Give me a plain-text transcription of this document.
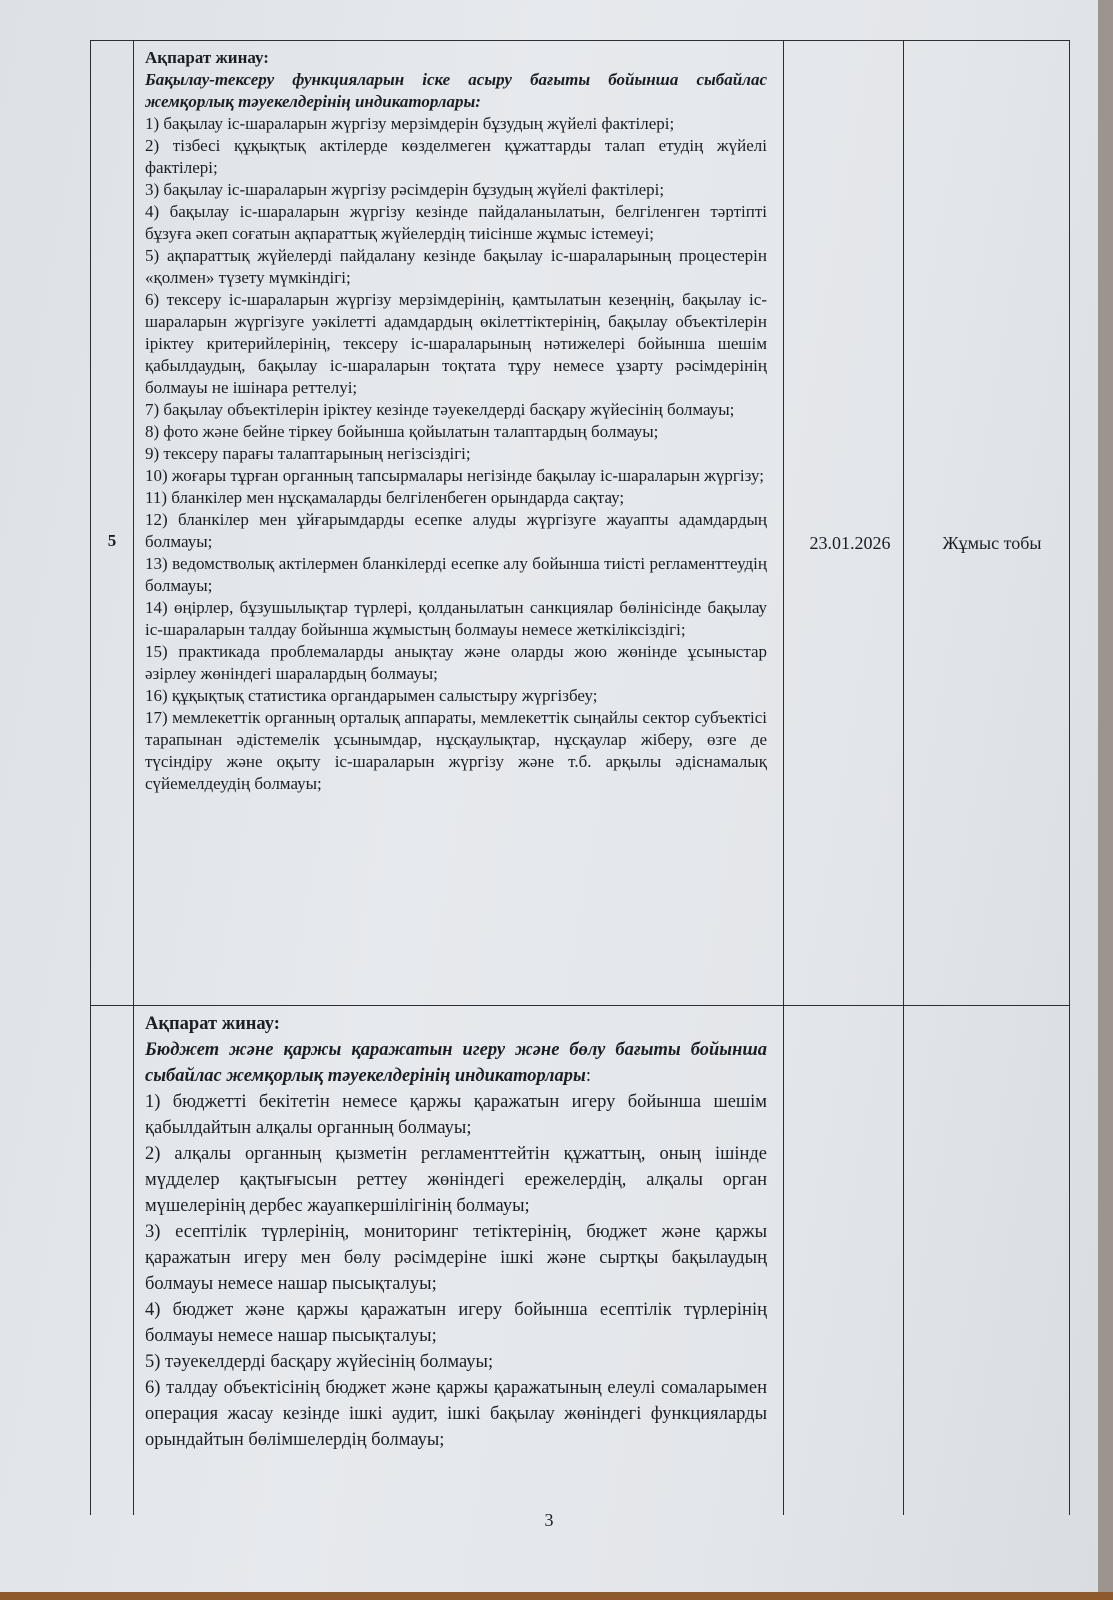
5
Ақпарат жинау:

Бақылау-тексеру функцияларын іске асыру бағыты бойынша сыбайлас жемқорлық тәуекелдерінің индикаторлары:

1) бақылау іс-шараларын жүргізу мерзімдерін бұзудың жүйелі фактілері;

2) тізбесі құқықтық актілерде көзделмеген құжаттарды талап етудің жүйелі фактілері;

3) бақылау іс-шараларын жүргізу рәсімдерін бұзудың жүйелі фактілері;

4) бақылау іс-шараларын жүргізу кезінде пайдаланылатын, белгіленген тәртіпті бұзуға әкеп соғатын ақпараттық жүйелердің тиісінше жұмыс істемеуі;

5) ақпараттық жүйелерді пайдалану кезінде бақылау іс-шараларының процестерін «қолмен» түзету мүмкіндігі;

6) тексеру іс-шараларын жүргізу мерзімдерінің, қамтылатын кезеңнің, бақылау іс-шараларын жүргізуге уәкілетті адамдардың өкілеттіктерінің, бақылау объектілерін іріктеу критерийлерінің, тексеру іс-шараларының нәтижелері бойынша шешім қабылдаудың, бақылау іс-шараларын тоқтата тұру немесе ұзарту рәсімдерінің болмауы не ішінара реттелуі;

7) бақылау объектілерін іріктеу кезінде тәуекелдерді басқару жүйесінің болмауы;

8) фото және бейне тіркеу бойынша қойылатын талаптардың болмауы;

9) тексеру парағы талаптарының негізсіздігі;

10) жоғары тұрған органның тапсырмалары негізінде бақылау іс-шараларын жүргізу;

11) бланкілер мен нұсқамаларды белгіленбеген орындарда сақтау;

12) бланкілер мен ұйғарымдарды есепке алуды жүргізуге жауапты адамдардың болмауы;

13) ведомстволық актілермен бланкілерді есепке алу бойынша тиісті регламенттеудің болмауы;

14) өңірлер, бұзушылықтар түрлері, қолданылатын санкциялар бөлінісінде бақылау іс-шараларын талдау бойынша жұмыстың болмауы немесе жеткіліксіздігі;

15) практикада проблемаларды анықтау және оларды жою жөнінде ұсыныстар әзірлеу жөніндегі шаралардың болмауы;

16) құқықтық статистика органдарымен салыстыру жүргізбеу;

17) мемлекеттік органның орталық аппараты, мемлекеттік сыңайлы сектор субъектісі тарапынан әдістемелік ұсынымдар, нұсқаулықтар, нұсқаулар жіберу, өзге де түсіндіру және оқыту іс-шараларын жүргізу және т.б. арқылы әдіснамалық сүйемелдеудің болмауы;

23.01.2026	Жұмыс тобы
Ақпарат жинау:

Бюджет және қаржы қаражатын игеру және бөлу бағыты бойынша сыбайлас жемқорлық тәуекелдерінің индикаторлары:

1) бюджетті бекітетін немесе қаржы қаражатын игеру бойынша шешім қабылдайтын алқалы органның болмауы;

2) алқалы органның қызметін регламенттейтін құжаттың, оның ішінде мүдделер қақтығысын реттеу жөніндегі ережелердің, алқалы орган мүшелерінің дербес жауапкершілігінің болмауы;

3) есептілік түрлерінің, мониторинг тетіктерінің, бюджет және қаржы қаражатын игеру мен бөлу рәсімдеріне ішкі және сыртқы бақылаудың болмауы немесе нашар пысықталуы;

4) бюджет және қаржы қаражатын игеру бойынша есептілік түрлерінің болмауы немесе нашар пысықталуы;

5) тәуекелдерді басқару жүйесінің болмауы;

6) талдау объектісінің бюджет және қаржы қаражатының елеулі сомаларымен операция жасау кезінде ішкі аудит, ішкі бақылау жөніндегі функцияларды орындайтын бөлімшелердің болмауы;

3
